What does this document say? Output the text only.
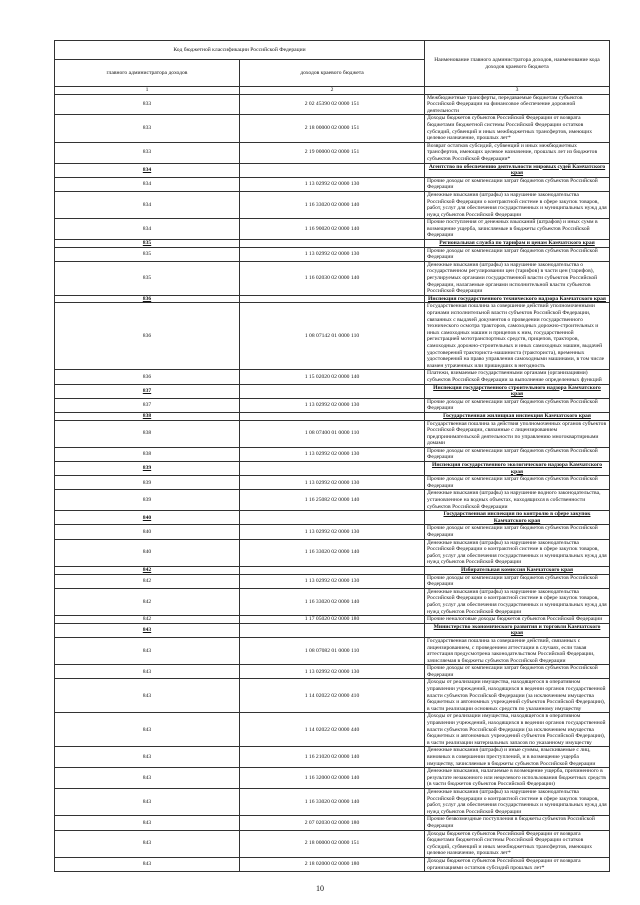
Код бюджетной классификации Российской Федерации		Наименование главного администратора доходов, наименование кода доходов краевого бюджета
главного администратора доходов	доходов краевого бюджета	
1	2	3
833	2 02 45390 02 0000 151	Межбюджетные трансферты, передаваемые бюджетам субъектов Российской Федерации на финансовое обеспечение дорожной деятельности
833	2 18 00000 02 0000 151	Доходы бюджетов субъектов Российской Федерации от возврата бюджетами бюджетной системы Российской Федерации остатков субсидий, субвенций и иных межбюджетных трансфертов, имеющих целевое назначение, прошлых лет*
833	2 19 00000 02 0000 151	Возврат остатков субсидий, субвенций и иных межбюджетных трансфертов, имеющих целевое назначение, прошлых лет из бюджетов субъектов Российской Федерации*
834		Агентство по обеспечению деятельности мировых судей Камчатского края
834	1 13 02992 02 0000 130	Прочие доходы от компенсации затрат бюджетов субъектов Российской Федерации
834	1 16 33020 02 0000 140	Денежные взыскания (штрафы) за нарушение законодательства Российской Федерации о контрактной системе в сфере закупок товаров, работ, услуг для обеспечения государственных и муниципальных нужд для нужд субъектов Российской Федерации
834	1 16 90020 02 0000 140	Прочие поступления от денежных взысканий (штрафов) и иных сумм в возмещение ущерба, зачисляемые в бюджеты субъектов Российской Федерации
835		Региональная служба по тарифам и ценам Камчатского края
835	1 13 02992 02 0000 130	Прочие доходы от компенсации затрат бюджетов субъектов Российской Федерации
835	1 16 02030 02 0000 140	Денежные взыскания (штрафы) за нарушение законодательства о государственном регулировании цен (тарифов) в части цен (тарифов), регулируемых органами государственной власти субъектов Российской Федерации, налагаемые органами исполнительной власти субъектов Российской Федерации
836		Инспекция государственного технического надзора Камчатского края
836	1 08 07142 01 0000 110	Государственная пошлина за совершение действий уполномоченными органами исполнительной власти субъектов Российской Федерации, связанных с выдачей документов о проведении государственного технического осмотра тракторов, самоходных дорожно-строительных и иных самоходных машин и прицепов к ним, государственной регистрацией мототранспортных средств, прицепов, тракторов, самоходных дорожно-строительных и иных самоходных машин, выдачей удостоверений тракториста-машиниста (тракториста), временных удостоверений на право управления самоходными машинами, в том числе взамен утраченных или пришедших в негодность
836	1 15 02020 02 0000 140	Платежи, взимаемые государственными органами (организациями) субъектов Российской Федерации за выполнение определенных функций
837		Инспекция государственного строительного надзора Камчатского края
837	1 13 02992 02 0000 130	Прочие доходы от компенсации затрат бюджетов субъектов Российской Федерации
838		Государственная жилищная инспекция Камчатского края
838	1 08 07400 01 0000 110	Государственная пошлина за действия уполномоченных органов субъектов Российской Федерации, связанные с лицензированием предпринимательской деятельности по управлению многоквартирными домами
838	1 13 02992 02 0000 130	Прочие доходы от компенсации затрат бюджетов субъектов Российской Федерации
839		Инспекция государственного экологического надзора Камчатского края
839	1 13 02992 02 0000 130	Прочие доходы от компенсации затрат бюджетов субъектов Российской Федерации
839	1 16 25082 02 0000 140	Денежные взыскания (штрафы) за нарушение водного законодательства, установленное на водных объектах, находящихся в собственности субъектов Российской Федерации
840		Государственная инспекция по контролю в сфере закупок Камчатского края
840	1 13 02992 02 0000 130	Прочие доходы от компенсации затрат бюджетов субъектов Российской Федерации
840	1 16 33020 02 0000 140	Денежные взыскания (штрафы) за нарушение законодательства Российской Федерации о контрактной системе в сфере закупок товаров, работ, услуг для обеспечения государственных и муниципальных нужд для нужд субъектов Российской Федерации
842		Избирательная комиссия Камчатского края
842	1 13 02992 02 0000 130	Прочие доходы от компенсации затрат бюджетов субъектов Российской Федерации
842	1 16 33020 02 0000 140	Денежные взыскания (штрафы) за нарушение законодательства Российской Федерации о контрактной системе в сфере закупок товаров, работ, услуг для обеспечения государственных и муниципальных нужд для нужд субъектов Российской Федерации
842	1 17 05020 02 0000 180	Прочие неналоговые доходы бюджетов субъектов Российской Федерации
843		Министерство экономического развития и торговли Камчатского края
843	1 08 07082 01 0000 110	Государственная пошлина за совершение действий, связанных с лицензированием, с проведением аттестации в случаях, если такая аттестация предусмотрена законодательством Российской Федерации, зачисляемая в бюджеты субъектов Российской Федерации
843	1 13 02992 02 0000 130	Прочие доходы от компенсации затрат бюджетов субъектов Российской Федерации
843	1 14 02022 02 0000 410	Доходы от реализации имущества, находящегося в оперативном управлении учреждений, находящихся в ведении органов государственной власти субъектов Российской Федерации (за исключением имущества бюджетных и автономных учреждений субъектов Российской Федерации), в части реализации основных средств по указанному имуществу
843	1 14 02022 02 0000 440	Доходы от реализации имущества, находящегося в оперативном управлении учреждений, находящихся в ведении органов государственной власти субъектов Российской Федерации (за исключением имущества бюджетных и автономных учреждений субъектов Российской Федерации), в части реализации материальных запасов по указанному имуществу
843	1 16 21020 02 0000 140	Денежные взыскания (штрафы) и иные суммы, взыскиваемые с лиц, виновных в совершении преступлений, и в возмещение ущерба имуществу, зачисляемые в бюджеты субъектов Российской Федерации
843	1 16 32000 02 0000 140	Денежные взыскания, налагаемые в возмещение ущерба, причиненного в результате незаконного или нецелевого использования бюджетных средств (в части бюджетов субъектов Российской Федерации)
843	1 16 33020 02 0000 140	Денежные взыскания (штрафы) за нарушение законодательства Российской Федерации о контрактной системе в сфере закупок товаров, работ, услуг для обеспечения государственных и муниципальных нужд для нужд субъектов Российской Федерации
843	2 07 02030 02 0000 180	Прочие безвозмездные поступления в бюджеты субъектов Российской Федерации
843	2 18 00000 02 0000 151	Доходы бюджетов субъектов Российской Федерации от возврата бюджетами бюджетной системы Российской Федерации остатков субсидий, субвенций и иных межбюджетных трансфертов, имеющих целевое назначение, прошлых лет*
843	2 18 02000 02 0000 180	Доходы бюджетов субъектов Российской Федерации от возврата организациями остатков субсидий прошлых лет*
10
